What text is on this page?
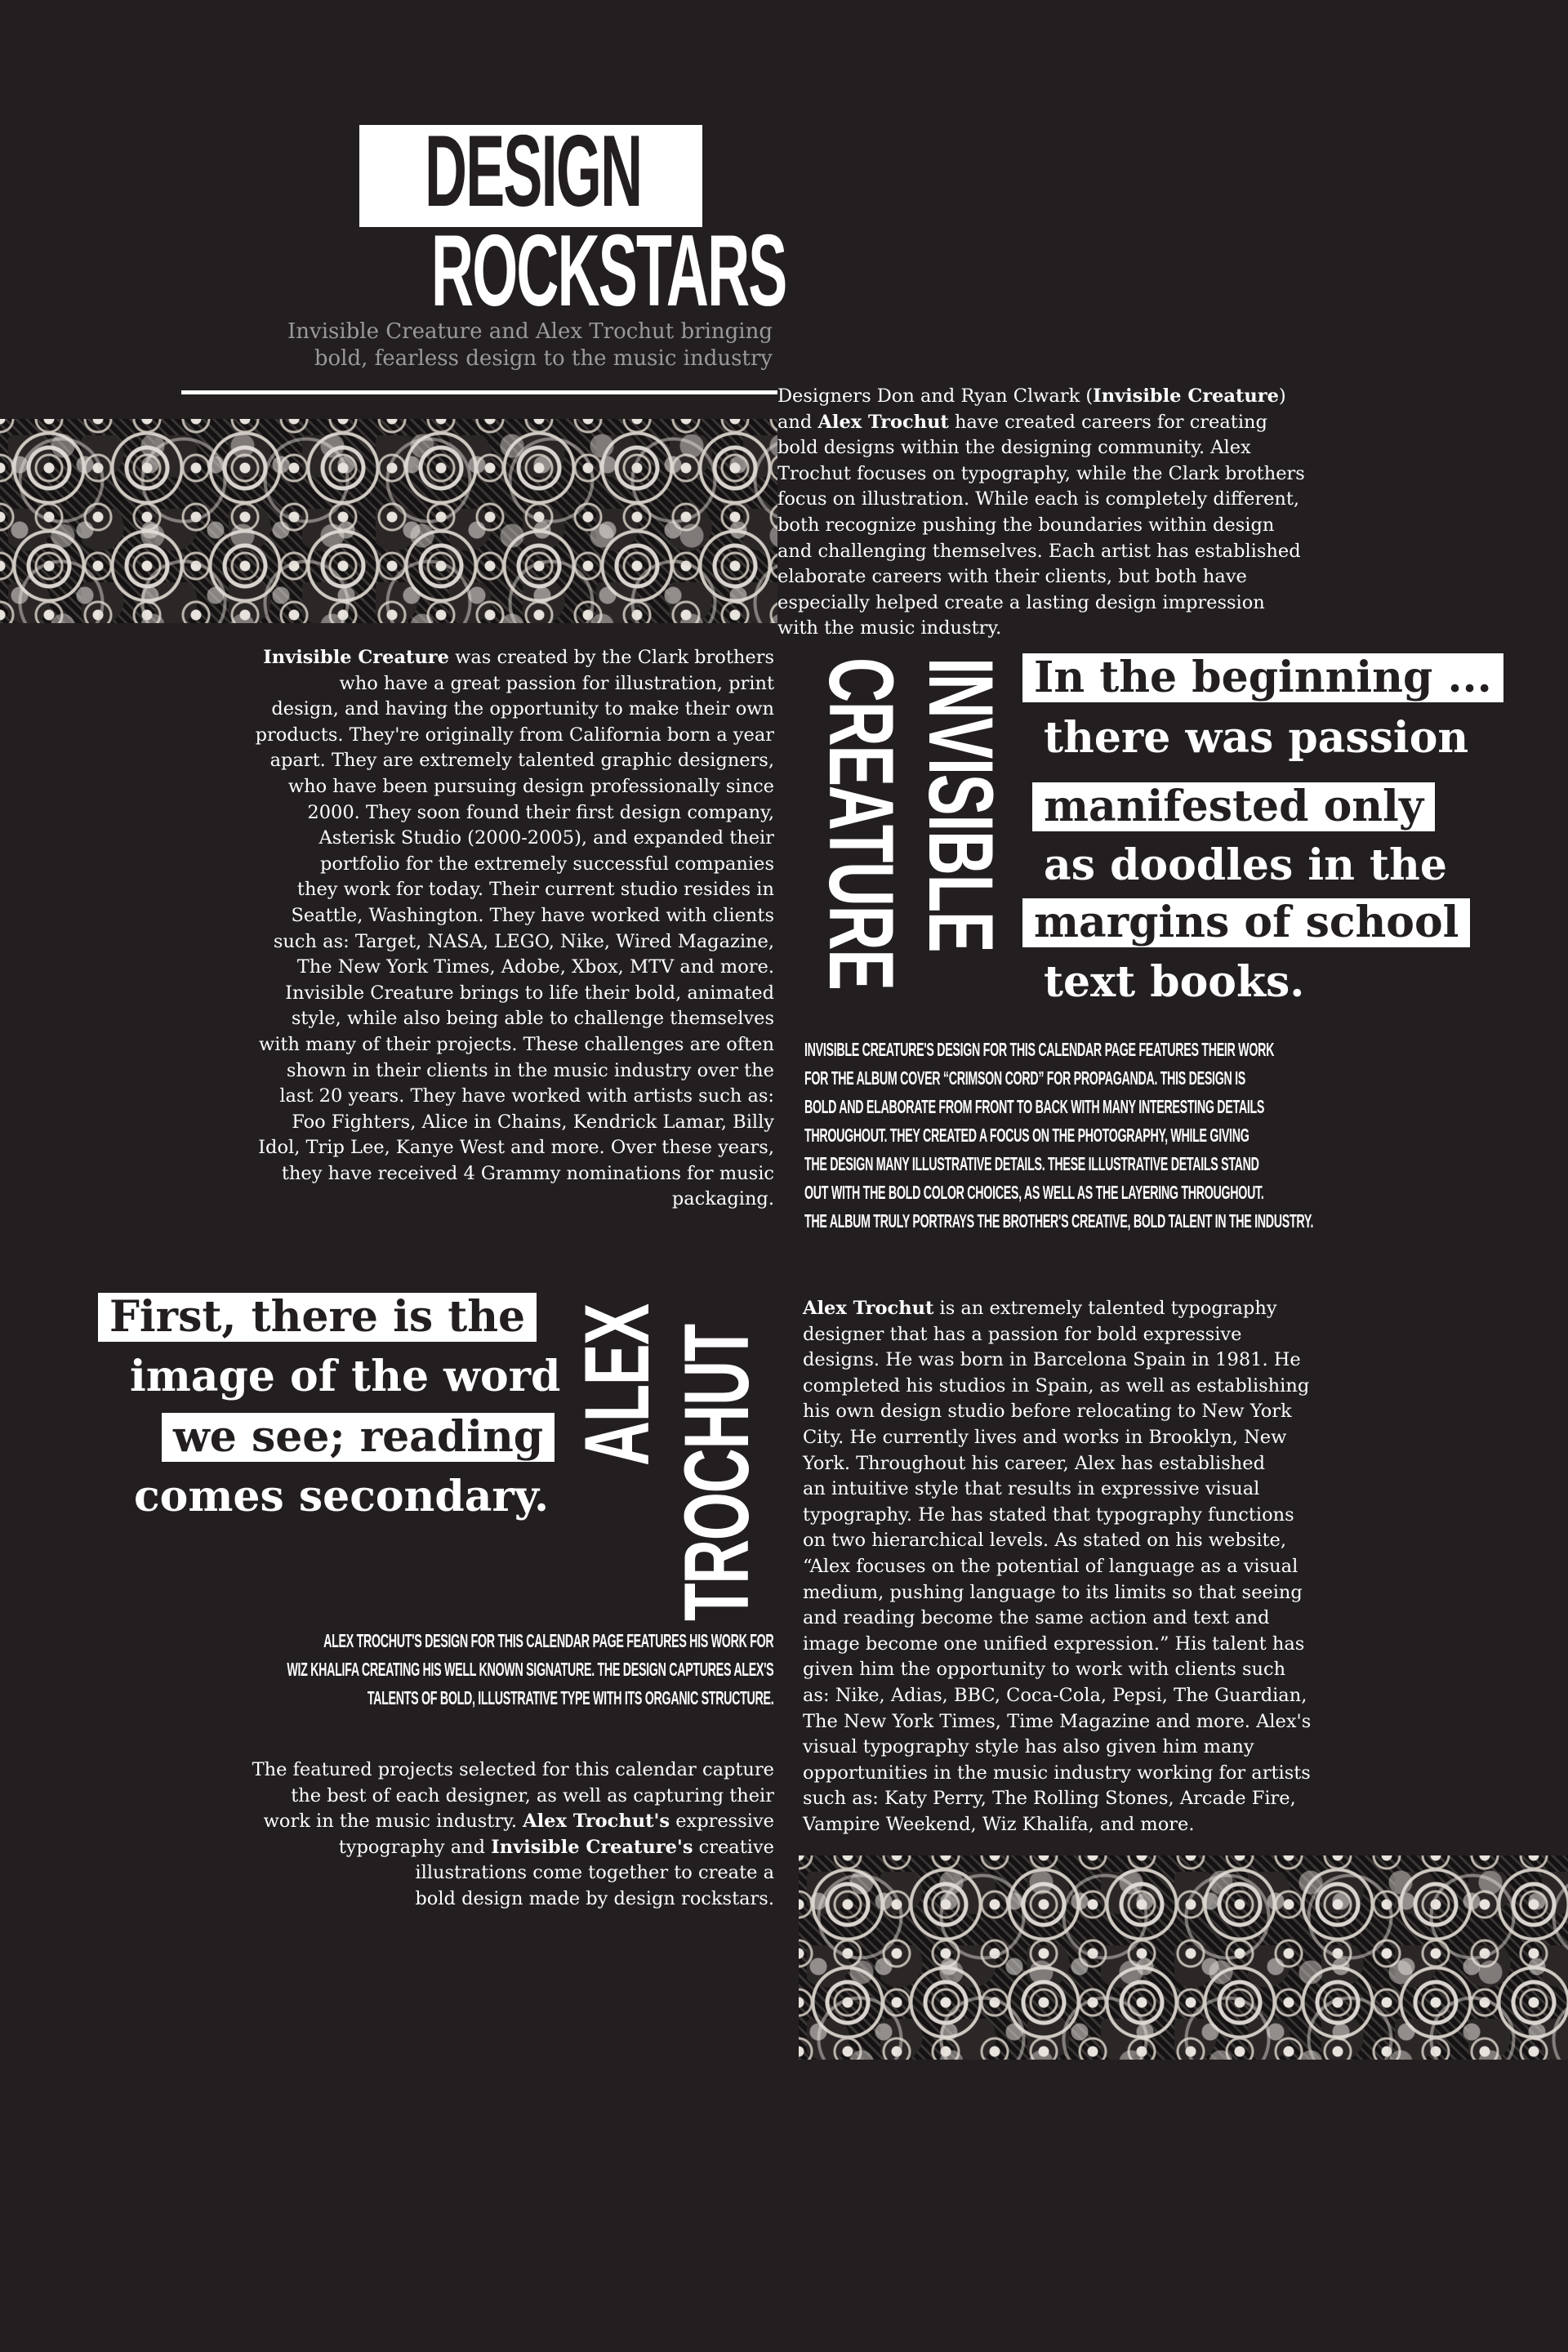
DESIGN
ROCKSTARS
Invisible Creature and Alex Trochut bringing
bold, fearless design to the music industry
Designers Don and Ryan Clwark (Invisible Creature)
and Alex Trochut have created careers for creating
bold designs within the designing community. Alex
Trochut focuses on typography, while the Clark brothers
focus on illustration. While each is completely different,
both recognize pushing the boundaries within design
and challenging themselves. Each artist has established
elaborate careers with their clients, but both have
especially helped create a lasting design impression
with the music industry.
Invisible Creature was created by the Clark brothers
who have a great passion for illustration, print
design, and having the opportunity to make their own
products. They're originally from California born a year
apart. They are extremely talented graphic designers,
who have been pursuing design professionally since
2000. They soon found their first design company,
Asterisk Studio (2000-2005), and expanded their
portfolio for the extremely successful companies
they work for today. Their current studio resides in
Seattle, Washington. They have worked with clients
such as: Target, NASA, LEGO, Nike, Wired Magazine,
The New York Times, Adobe, Xbox, MTV and more.
Invisible Creature brings to life their bold, animated
style, while also being able to challenge themselves
with many of their projects. These challenges are often
shown in their clients in the music industry over the
last 20 years. They have worked with artists such as:
Foo Fighters, Alice in Chains, Kendrick Lamar, Billy
Idol, Trip Lee, Kanye West and more. Over these years,
they have received 4 Grammy nominations for music
packaging.
INVISIBLE
CREATURE	In the beginning ...
there was passion
manifested only
as doodles in the
margins of school
text books.
INVISIBLE CREATURE'S DESIGN FOR THIS CALENDAR PAGE FEATURES THEIR WORK
FOR THE ALBUM COVER “CRIMSON CORD” FOR PROPAGANDA. THIS DESIGN IS
BOLD AND ELABORATE FROM FRONT TO BACK WITH MANY INTERESTING DETAILS
THROUGHOUT. THEY CREATED A FOCUS ON THE PHOTOGRAPHY, WHILE GIVING
THE DESIGN MANY ILLUSTRATIVE DETAILS. THESE ILLUSTRATIVE DETAILS STAND
OUT WITH THE BOLD COLOR CHOICES, AS WELL AS THE LAYERING THROUGHOUT.
THE ALBUM TRULY PORTRAYS THE BROTHER'S CREATIVE, BOLD TALENT IN THE INDUSTRY.
First, there is the
image of the word
we see; reading
comes secondary.
ALEX
TROCHUT
ALEX TROCHUT'S DESIGN FOR THIS CALENDAR PAGE FEATURES HIS WORK FOR
WIZ KHALIFA CREATING HIS WELL KNOWN SIGNATURE. THE DESIGN CAPTURES ALEX'S
TALENTS OF BOLD, ILLUSTRATIVE TYPE WITH ITS ORGANIC STRUCTURE.
The featured projects selected for this calendar capture
the best of each designer, as well as capturing their
work in the music industry. Alex Trochut's expressive
typography and Invisible Creature's creative
illustrations come together to create a
bold design made by design rockstars.
Alex Trochut is an extremely talented typography
designer that has a passion for bold expressive
designs. He was born in Barcelona Spain in 1981. He
completed his studios in Spain, as well as establishing
his own design studio before relocating to New York
City. He currently lives and works in Brooklyn, New
York. Throughout his career, Alex has established
an intuitive style that results in expressive visual
typography. He has stated that typography functions
on two hierarchical levels. As stated on his website,
“Alex focuses on the potential of language as a visual
medium, pushing language to its limits so that seeing
and reading become the same action and text and
image become one unified expression.” His talent has
given him the opportunity to work with clients such
as: Nike, Adias, BBC, Coca-Cola, Pepsi, The Guardian,
The New York Times, Time Magazine and more. Alex's
visual typography style has also given him many
opportunities in the music industry working for artists
such as: Katy Perry, The Rolling Stones, Arcade Fire,
Vampire Weekend, Wiz Khalifa, and more.
